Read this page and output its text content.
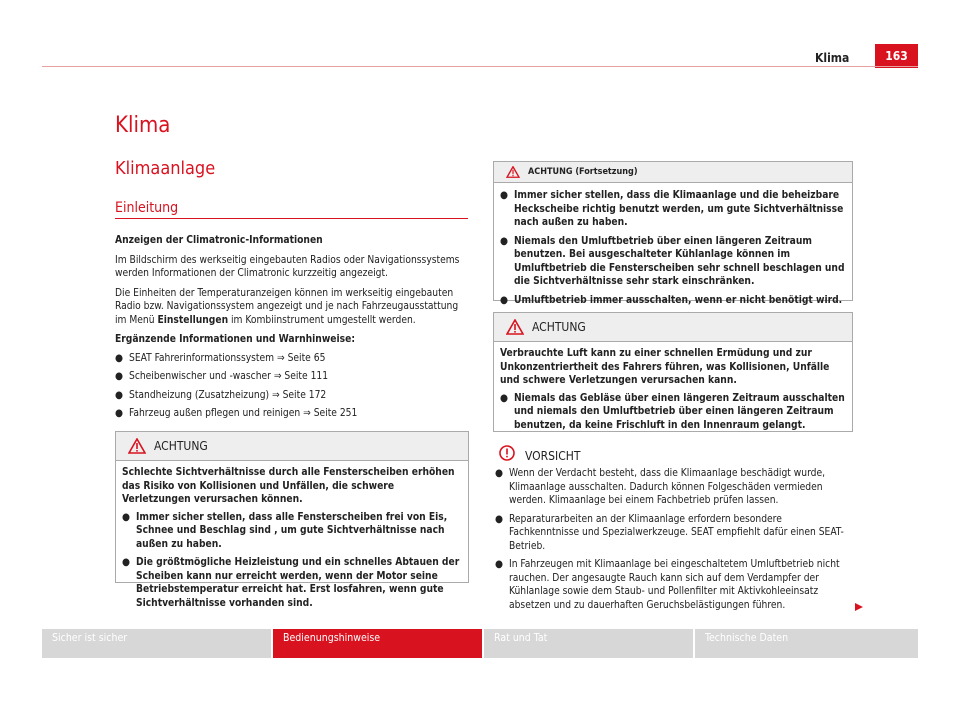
Klima	163
Klima
Klimaanlage
Einleitung

Anzeigen der Climatronic-Informationen

Im Bildschirm des werkseitig eingebauten Radios oder Navigationssystems werden Informationen der Climatronic kurzzeitig angezeigt.

Die Einheiten der Temperaturanzeigen können im werkseitig eingebauten Radio bzw. Navigationssystem angezeigt und je nach Fahrzeugausstattung im Menü Einstellungen im Kombiinstrument umgestellt werden.

Ergänzende Informationen und Warnhinweise:

● SEAT Fahrerinformationssystem ⇒ Seite 65
● Scheibenwischer und -wascher ⇒ Seite 111
● Standheizung (Zusatzheizung) ⇒ Seite 172
● Fahrzeug außen pflegen und reinigen ⇒ Seite 251
ACHTUNG

Schlechte Sichtverhältnisse durch alle Fensterscheiben erhöhen das Risiko von Kollisionen und Unfällen, die schwere Verletzungen verursachen können.

● Immer sicher stellen, dass alle Fensterscheiben frei von Eis, Schnee und Beschlag sind , um gute Sichtverhältnisse nach außen zu haben.
● Die größtmögliche Heizleistung und ein schnelles Abtauen der Scheiben kann nur erreicht werden, wenn der Motor seine Betriebstemperatur erreicht hat. Erst losfahren, wenn gute Sichtverhältnisse vorhanden sind.
ACHTUNG (Fortsetzung)
● Immer sicher stellen, dass die Klimaanlage und die beheizbare Heckscheibe richtig benutzt werden, um gute Sichtverhältnisse nach außen zu haben.
● Niemals den Umluftbetrieb über einen längeren Zeitraum benutzen. Bei ausgeschalteter Kühlanlage können im Umluftbetrieb die Fensterscheiben sehr schnell beschlagen und die Sichtverhältnisse sehr stark einschränken.
● Umluftbetrieb immer ausschalten, wenn er nicht benötigt wird.
ACHTUNG

Verbrauchte Luft kann zu einer schnellen Ermüdung und zur Unkonzentriertheit des Fahrers führen, was Kollisionen, Unfälle und schwere Verletzungen verursachen kann.

● Niemals das Gebläse über einen längeren Zeitraum ausschalten und niemals den Umluftbetrieb über einen längeren Zeitraum benutzen, da keine Frischluft in den Innenraum gelangt.
VORSICHT
● Wenn der Verdacht besteht, dass die Klimaanlage beschädigt wurde, Klimaanlage ausschalten. Dadurch können Folgeschäden vermieden werden. Klimaanlage bei einem Fachbetrieb prüfen lassen.
● Reparaturarbeiten an der Klimaanlage erfordern besondere Fachkenntnisse und Spezialwerkzeuge. SEAT empfiehlt dafür einen SEAT-Betrieb.
● In Fahrzeugen mit Klimaanlage bei eingeschaltetem Umluftbetrieb nicht rauchen. Der angesaugte Rauch kann sich auf dem Verdampfer der Kühlanlage sowie dem Staub- und Pollenfilter mit Aktivkohleeinsatz absetzen und zu dauerhaften Geruchsbelästigungen führen.
Sicher ist sicher	Bedienungshinweise	Rat und Tat	Technische Daten
